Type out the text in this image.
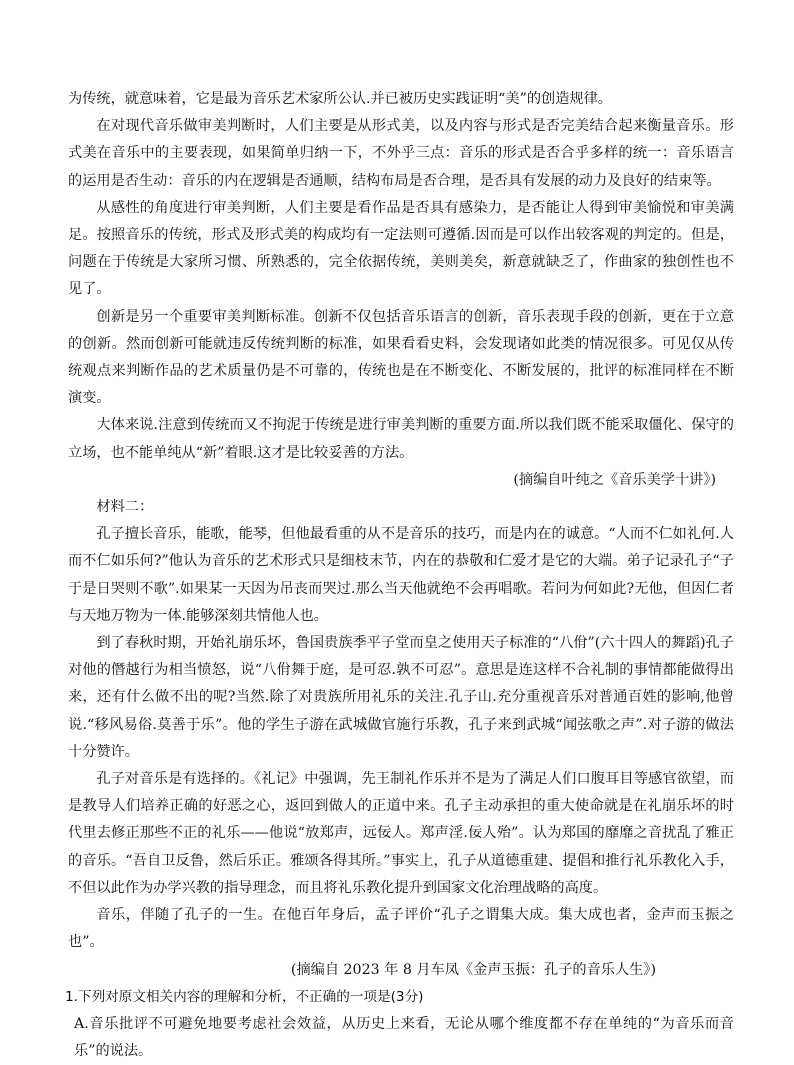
为传统，就意味着，它是最为音乐艺术家所公认.并已被历史实践证明“美”的创造规律。

在对现代音乐做审美判断时，人们主要是从形式美，以及内容与形式是否完美结合起来衡量音乐。形式美在音乐中的主要表现，如果简单归纳一下，不外乎三点：音乐的形式是否合乎多样的统一：音乐语言的运用是否生动：音乐的内在逻辑是否通顺，结构布局是否合理，是否具有发展的动力及良好的结束等。

从感性的角度进行审美判断，人们主要是看作品是否具有感染力，是否能让人得到审美愉悦和审美满足。按照音乐的传统，形式及形式美的构成均有一定法则可遵循.因而是可以作出较客观的判定的。但是，问题在于传统是大家所习惯、所熟悉的，完全依据传统，美则美矣，新意就缺乏了，作曲家的独创性也不见了。

创新是另一个重要审美判断标准。创新不仅包括音乐语言的创新，音乐表现手段的创新，更在于立意的创新。然而创新可能就违反传统判断的标准，如果看看史料，会发现诸如此类的情况很多。可见仅从传统观点来判断作品的艺术质量仍是不可靠的，传统也是在不断变化、不断发展的，批评的标准同样在不断演变。

大体来说.注意到传统而又不拘泥于传统是进行审美判断的重要方面.所以我们既不能采取僵化、保守的立场，也不能单纯从“新”着眼.这才是比较妥善的方法。

(摘编自叶纯之《音乐美学十讲》)

材料二：

孔子擅长音乐，能歌，能琴，但他最看重的从不是音乐的技巧，而是内在的诚意。“人而不仁如礼何.人而不仁如乐何?”他认为音乐的艺术形式只是细枝末节，内在的恭敬和仁爱才是它的大端。弟子记录孔子“子于是日哭则不歌”.如果某一天因为吊丧而哭过.那么当天他就绝不会再唱歌。若问为何如此?无他，但因仁者与天地万物为一体.能够深刻共情他人也。

到了春秋时期，开始礼崩乐坏，鲁国贵族季平子堂而皇之使用天子标准的“八佾”(六十四人的舞蹈)孔子对他的僭越行为相当愤怒，说“八佾舞于庭，是可忍.孰不可忍”。意思是连这样不合礼制的事情都能做得出来，还有什么做不出的呢?当然.除了对贵族所用礼乐的关注.孔子山.充分重视音乐对普通百姓的影响,他曾说.“移风易俗.莫善于乐”。他的学生子游在武城做官施行乐教，孔子来到武城“闻弦歌之声”.对子游的做法十分赞许。

孔子对音乐是有选择的。《礼记》中强调，先王制礼作乐并不是为了满足人们口腹耳目等感官欲望，而是教导人们培养正确的好恶之心，返回到做人的正道中来。孔子主动承担的重大使命就是在礼崩乐坏的时代里去修正那些不正的礼乐——他说“放郑声，远佞人。郑声淫.佞人殆”。认为郑国的靡靡之音扰乱了雅正的音乐。“吾自卫反鲁，然后乐正。雅颂各得其所。”事实上，孔子从道德重建、提倡和推行礼乐教化入手，不但以此作为办学兴教的指导理念，而且将礼乐教化提升到国家文化治理战略的高度。

音乐，伴随了孔子的一生。在他百年身后，孟子评价“孔子之谓集大成。集大成也者，金声而玉振之也”。

(摘编自 2023 年 8 月车凤《金声玉振：孔子的音乐人生》)

1.下列对原文相关内容的理解和分析，不正确的一项是(3分)

A.音乐批评不可避免地要考虑社会效益，从历史上来看，无论从哪个维度都不存在单纯的“为音乐而音乐”的说法。
